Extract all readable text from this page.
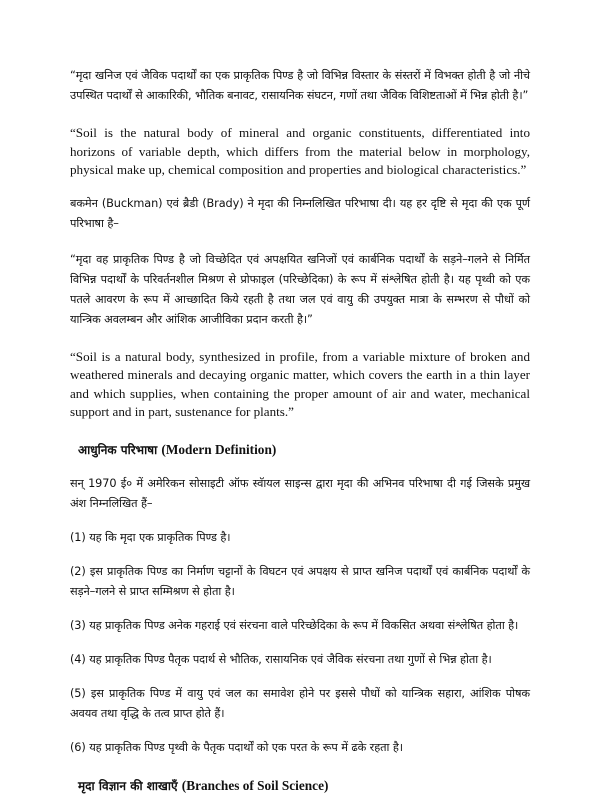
“मृदा खनिज एवं जैविक पदार्थों का एक प्राकृतिक पिण्ड है जो विभिन्न विस्तार के संस्तरों में विभक्त होती है जो नीचे उपस्थित पदार्थों से आकारिकी, भौतिक बनावट, रासायनिक संघटन, गणों तथा जैविक विशिष्टताओं में भिन्न होती है।”

“Soil is the natural body of mineral and organic constituents, differentiated into horizons of variable depth, which differs from the material below in morphology, physical make up, chemical composition and properties and biological characteristics.”

बकमेन (Buckman) एवं ब्रैडी (Brady) ने मृदा की निम्नलिखित परिभाषा दी। यह हर दृष्टि से मृदा की एक पूर्ण परिभाषा है–

“मृदा वह प्राकृतिक पिण्ड है जो विच्छेदित एवं अपक्षयित खनिजों एवं कार्बनिक पदार्थों के सड़ने–गलने से निर्मित विभिन्न पदार्थों के परिवर्तनशील मिश्रण से प्रोफाइल (परिच्छेदिका) के रूप में संश्लेषित होती है। यह पृथ्वी को एक पतले आवरण के रूप में आच्छादित किये रहती है तथा जल एवं वायु की उपयुक्त मात्रा के सम्भरण से पौधों को यान्त्रिक अवलम्बन और आंशिक आजीविका प्रदान करती है।”

“Soil is a natural body, synthesized in profile, from a variable mixture of broken and weathered minerals and decaying organic matter, which covers the earth in a thin layer and which supplies, when containing the proper amount of air and water, mechanical support and in part, sustenance for plants.”

आधुनिक परिभाषा (Modern Definition)

सन् 1970 ई० में अमेरिकन सोसाइटी ऑफ स्वॅायल साइन्स द्वारा मृदा की अभिनव परिभाषा दी गई जिसके प्रमुख अंश निम्नलिखित हैं–

(1) यह कि मृदा एक प्राकृतिक पिण्ड है।

(2) इस प्राकृतिक पिण्ड का निर्माण चट्टानों के विघटन एवं अपक्षय से प्राप्त खनिज पदार्थों एवं कार्बनिक पदार्थों के सड़ने–गलने से प्राप्त सम्मिश्रण से होता है।

(3) यह प्राकृतिक पिण्ड अनेक गहराई एवं संरचना वाले परिच्छेदिका के रूप में विकसित अथवा संश्लेषित होता है।

(4) यह प्राकृतिक पिण्ड पैतृक पदार्थ से भौतिक, रासायनिक एवं जैविक संरचना तथा गुणों से भिन्न होता है।

(5) इस प्राकृतिक पिण्ड में वायु एवं जल का समावेश होने पर इससे पौधों को यान्त्रिक सहारा, आंशिक पोषक अवयव तथा वृद्धि के तत्व प्राप्त होते हैं।

(6) यह प्राकृतिक पिण्ड पृथ्वी के पैतृक पदार्थों को एक परत के रूप में ढके रहता है।

मृदा विज्ञान की शाखाएँ (Branches of Soil Science)
